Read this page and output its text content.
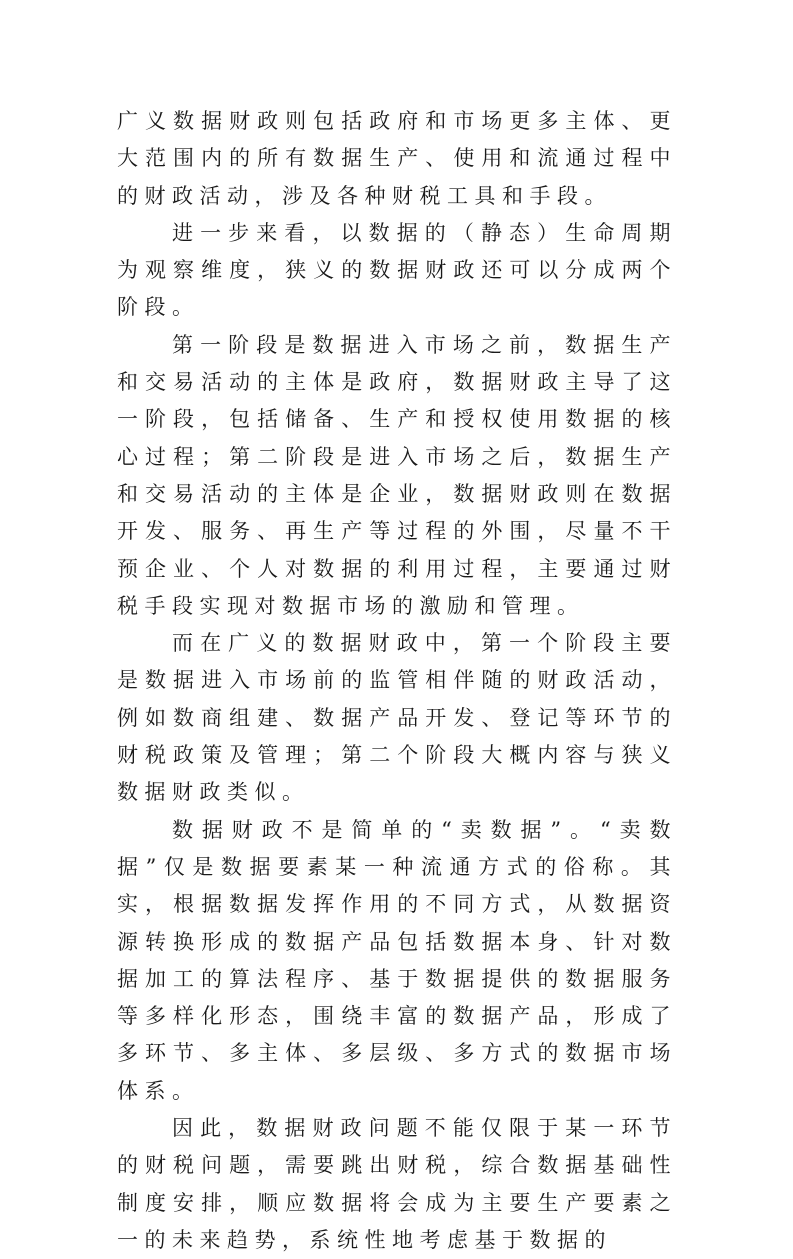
广义数据财政则包括政府和市场更多主体、更大范围内的所有数据生产、使用和流通过程中的财政活动，涉及各种财税工具和手段。

进一步来看，以数据的（静态）生命周期为观察维度，狭义的数据财政还可以分成两个阶段。

第一阶段是数据进入市场之前，数据生产和交易活动的主体是政府，数据财政主导了这一阶段，包括储备、生产和授权使用数据的核心过程；第二阶段是进入市场之后，数据生产和交易活动的主体是企业，数据财政则在数据开发、服务、再生产等过程的外围，尽量不干预企业、个人对数据的利用过程，主要通过财税手段实现对数据市场的激励和管理。

而在广义的数据财政中，第一个阶段主要是数据进入市场前的监管相伴随的财政活动，例如数商组建、数据产品开发、登记等环节的财税政策及管理；第二个阶段大概内容与狭义数据财政类似。

数据财政不是简单的“卖数据”。“卖数据”仅是数据要素某一种流通方式的俗称。其实，根据数据发挥作用的不同方式，从数据资源转换形成的数据产品包括数据本身、针对数据加工的算法程序、基于数据提供的数据服务等多样化形态，围绕丰富的数据产品，形成了多环节、多主体、多层级、多方式的数据市场体系。

因此，数据财政问题不能仅限于某一环节的财税问题，需要跳出财税，综合数据基础性制度安排，顺应数据将会成为主要生产要素之一的未来趋势，系统性地考虑基于数据的
